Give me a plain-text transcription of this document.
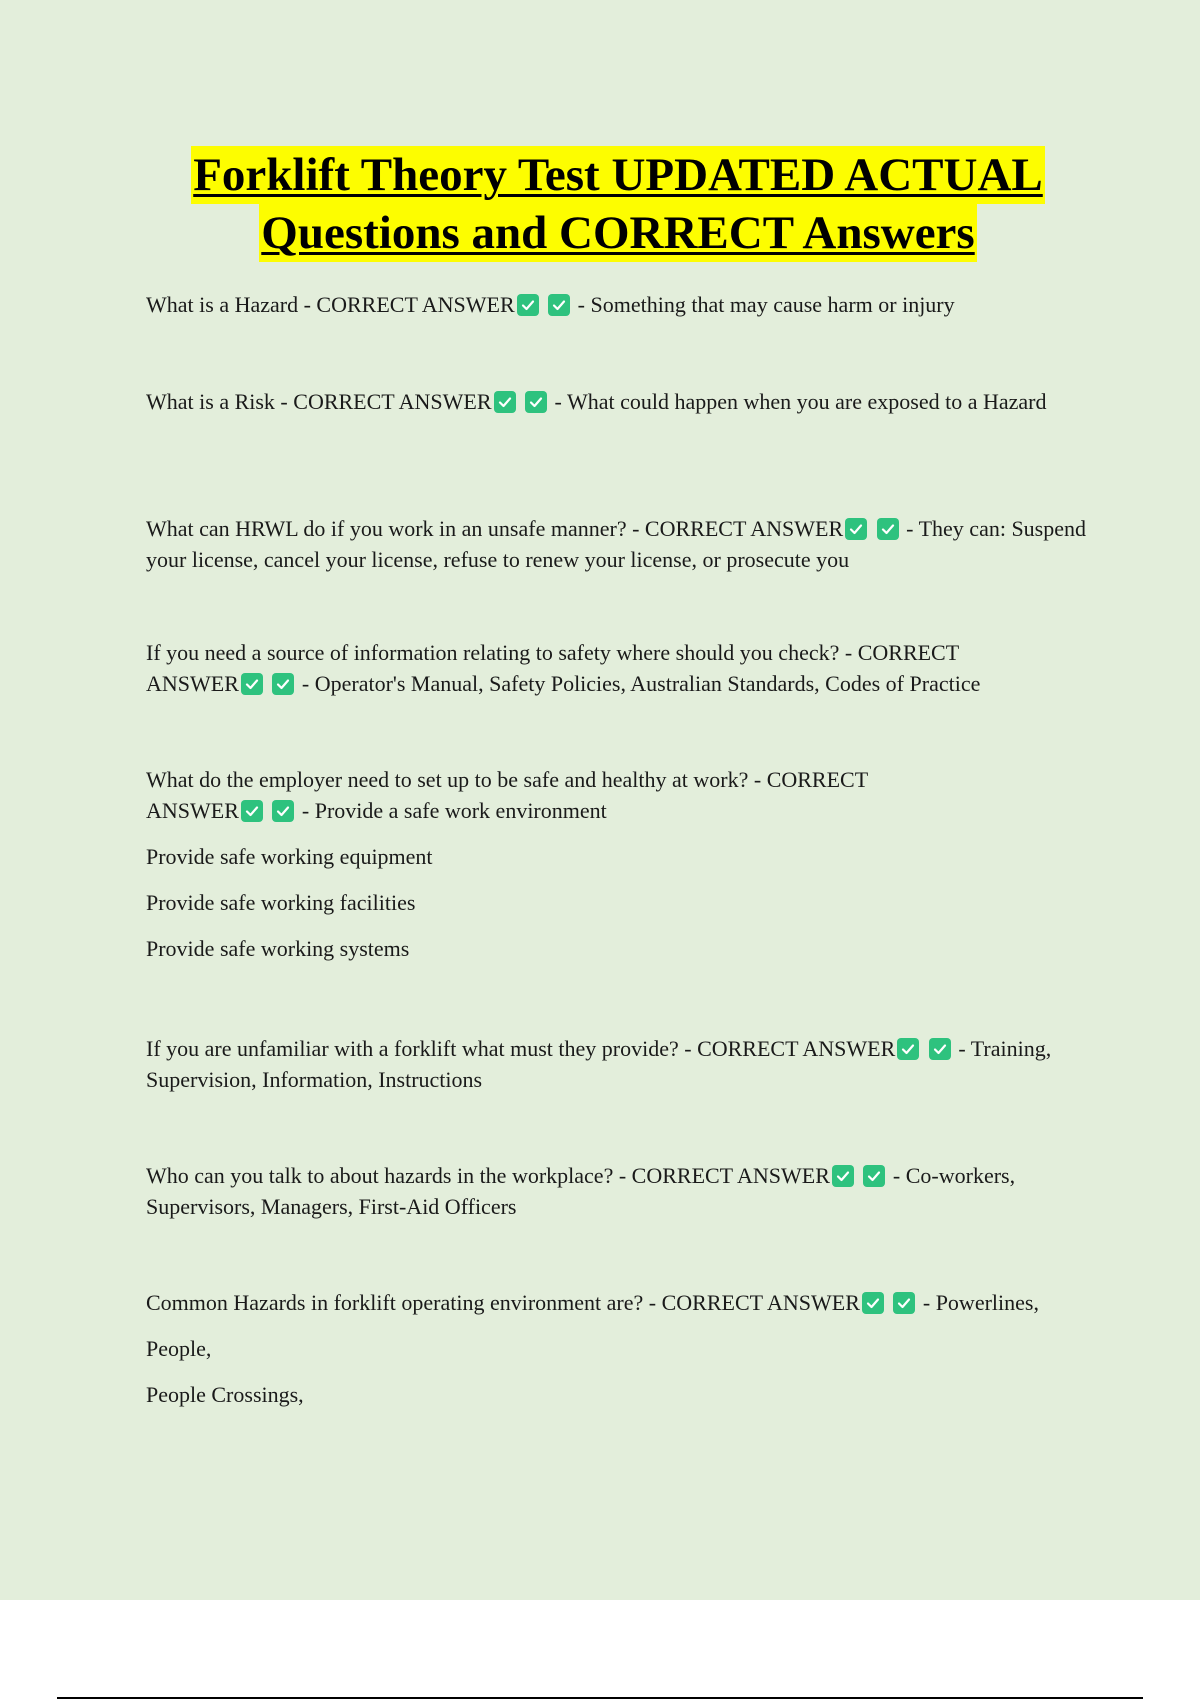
Forklift Theory Test UPDATED ACTUAL
Questions and CORRECT Answers
What is a Hazard - CORRECT ANSWER
	- Something that may cause harm or injury
What is a Risk - CORRECT ANSWER
	- What could happen when you are exposed to a Hazard
What can HRWL do if you work in an unsafe manner? - CORRECT ANSWER
	- They can: Suspend your license, cancel your license, refuse to renew your license, or prosecute you
If you need a source of information relating to safety where should you check? - CORRECT
ANSWER
	- Operator's Manual, Safety Policies, Australian Standards, Codes of Practice
What do the employer need to set up to be safe and healthy at work? - CORRECT
ANSWER
	- Provide a safe work environment
Provide safe working equipment
Provide safe working facilities
Provide safe working systems
If you are unfamiliar with a forklift what must they provide? - CORRECT ANSWER
	- Training, Supervision, Information, Instructions
Who can you talk to about hazards in the workplace? - CORRECT ANSWER
	- Co-workers, Supervisors, Managers, First-Aid Officers
Common Hazards in forklift operating environment are? - CORRECT ANSWER
	- Powerlines,
People,
People Crossings,
